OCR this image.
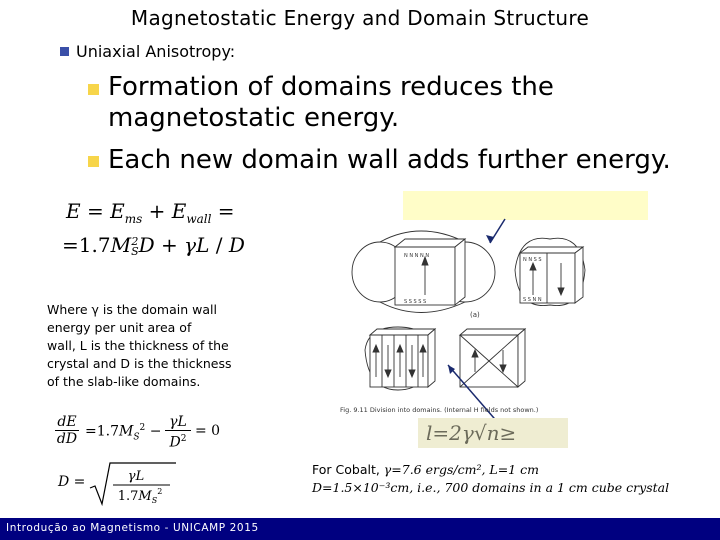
Magnetostatic Energy and Domain Structure
Uniaxial Anisotropy:
Formation of domains reduces the
magnetostatic energy.
Each new domain wall adds further energy.
$E = E_{ms} + E_{wall}$ =
=1.7M2
SD + γL / D
Where γ is the domain wall
energy per unit area of
wall, L is the thickness of the
crystal and D is the thickness
of the slab-like domains.
dE
dD $=1.7M_S^2$ −
γL
$D^2 = 0$
D =	γL
$1.7M_S^2$
N N N N N
S S S S S
N N S S
S S N N
(a)
Fig. 9.11 Division into domains. (Internal H fields not shown.)
l=2γ√n≥
For Cobalt, γ=7.6 ergs/cm², L=1 cm
D=1.5×10⁻³cm, i.e., 700 domains in a 1 cm cube crystal
Introdução ao Magnetismo - UNICAMP 2015
